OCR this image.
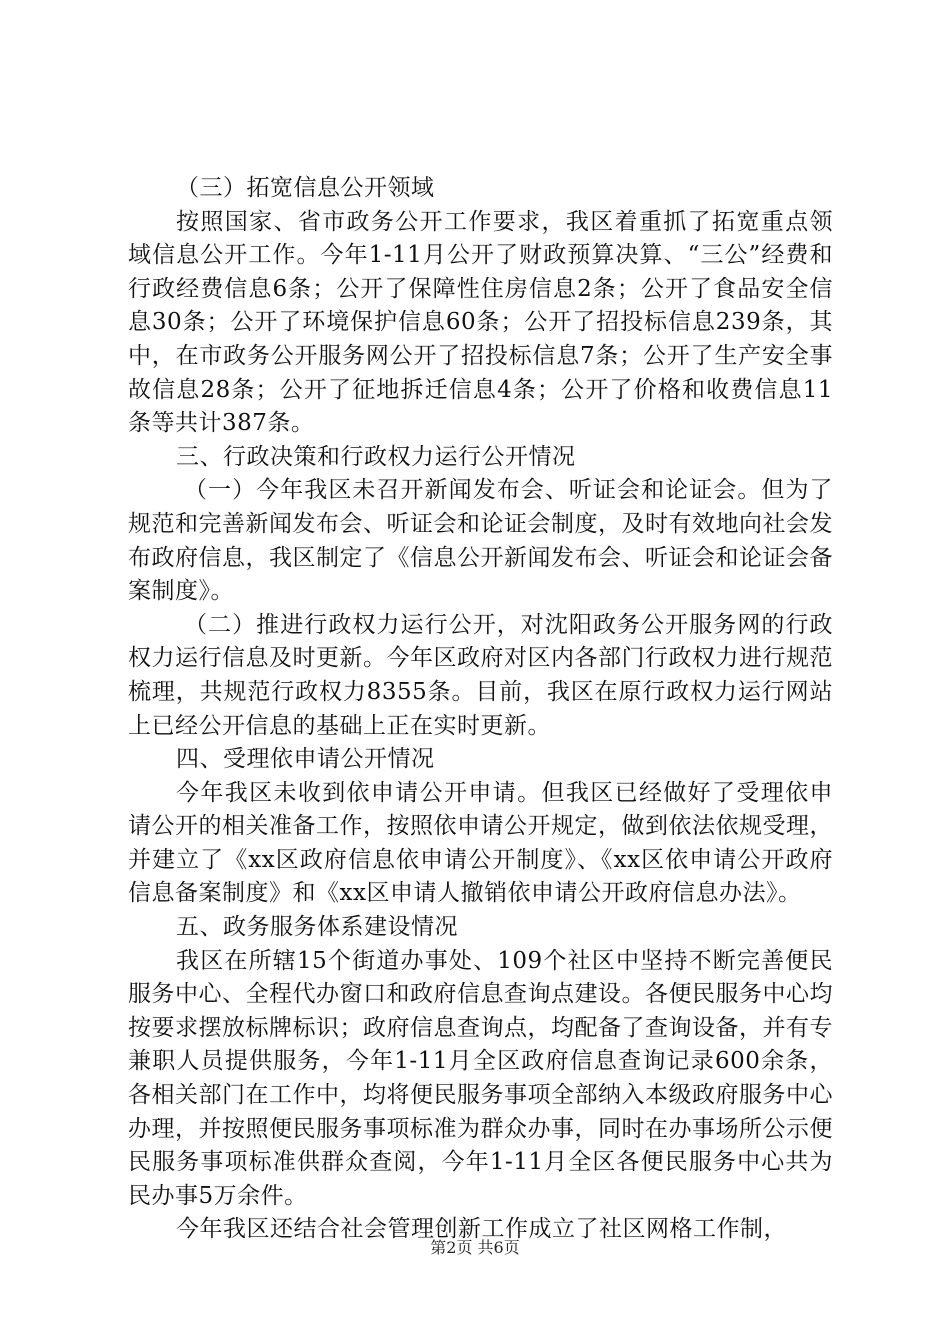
（三）拓宽信息公开领域

按照国家、省市政务公开工作要求，我区着重抓了拓宽重点领域信息公开工作。今年1-11月公开了财政预算决算、“三公”经费和行政经费信息6条；公开了保障性住房信息2条；公开了食品安全信息30条；公开了环境保护信息60条；公开了招投标信息239条，其中，在市政务公开服务网公开了招投标信息7条；公开了生产安全事故信息28条；公开了征地拆迁信息4条；公开了价格和收费信息11条等共计387条。

三、行政决策和行政权力运行公开情况

（一）今年我区未召开新闻发布会、听证会和论证会。但为了规范和完善新闻发布会、听证会和论证会制度，及时有效地向社会发布政府信息，我区制定了《信息公开新闻发布会、听证会和论证会备案制度》。

（二）推进行政权力运行公开，对沈阳政务公开服务网的行政权力运行信息及时更新。今年区政府对区内各部门行政权力进行规范梳理，共规范行政权力8355条。目前，我区在原行政权力运行网站上已经公开信息的基础上正在实时更新。

四、受理依申请公开情况

今年我区未收到依申请公开申请。但我区已经做好了受理依申请公开的相关准备工作，按照依申请公开规定，做到依法依规受理，并建立了《xx区政府信息依申请公开制度》、《xx区依申请公开政府信息备案制度》和《xx区申请人撤销依申请公开政府信息办法》。

五、政务服务体系建设情况

我区在所辖15个街道办事处、109个社区中坚持不断完善便民服务中心、全程代办窗口和政府信息查询点建设。各便民服务中心均按要求摆放标牌标识；政府信息查询点，均配备了查询设备，并有专兼职人员提供服务，今年1-11月全区政府信息查询记录600余条，各相关部门在工作中，均将便民服务事项全部纳入本级政府服务中心办理，并按照便民服务事项标准为群众办事，同时在办事场所公示便民服务事项标准供群众查阅，今年1-11月全区各便民服务中心共为民办事5万余件。

今年我区还结合社会管理创新工作成立了社区网格工作制，

第2页 共6页
